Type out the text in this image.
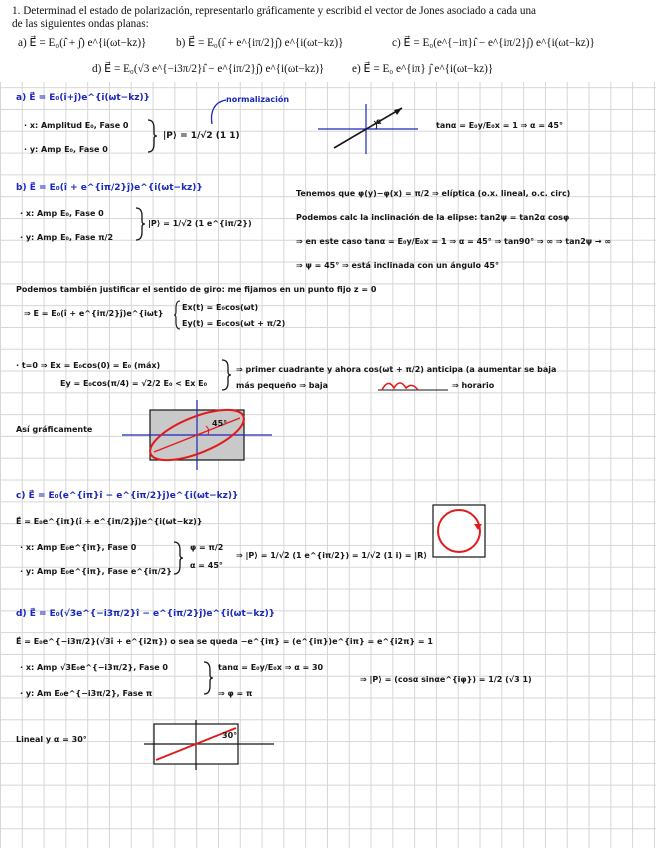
1. Determinad el estado de polarización, representarlo gráficamente y escribid el vector de Jones asociado a cada una
de las siguientes ondas planas:
a) E⃗ = E₀(ı̂ + ȷ̂) e^{i(ωt−kz)}	b) E⃗ = E₀(ı̂ + e^{iπ/2}ȷ̂) e^{i(ωt−kz)}	c) E⃗ = E₀(e^{−iπ}ı̂ − e^{iπ/2}ȷ̂) e^{i(ωt−kz)}
d) E⃗ = E₀(√3 e^{−i3π/2}ı̂ − e^{iπ/2}ȷ̂) e^{i(ωt−kz)} e) E⃗ = E₀ e^{iπ} ȷ̂ e^{i(ωt−kz)}
a) E⃗ = E₀(ı̂+ȷ̂)e^{i(ωt−kz)}	normalización
· x: Amplitud E₀, Fase 0
· y: Amp E₀, Fase 0
|P⟩ = 1/√2 (1 1)
α	tanα = E₀y/E₀x = 1 ⇒ α = 45°
b) E⃗ = E₀(ı̂ + e^{iπ/2}ȷ̂)e^{i(ωt−kz)}
· x: Amp E₀, Fase 0
· y: Amp E₀, Fase π/2
|P⟩ = 1/√2 (1 e^{iπ/2})
Tenemos que φ(y)−φ(x) = π/2 ⇒ elíptica (o.x. lineal, o.c. circ)
Podemos calc la inclinación de la elipse: tan2ψ = tan2α cosφ
⇒ en este caso tanα = E₀y/E₀x = 1 ⇒ α = 45° ⇒ tan90° ⇒ ∞ ⇒ tan2ψ → ∞
⇒ ψ = 45° ⇒ está inclinada con un ángulo 45°
Podemos también justificar el sentido de giro: me fijamos en un punto fijo z = 0
⇒ E = E₀(ı̂ + e^{iπ/2}ȷ̂)e^{iωt}
Ex(t) = E₀cos(ωt)
Ey(t) = E₀cos(ωt + π/2)
· t=0 ⇒ Ex = E₀cos(0) = E₀ (máx)
Ey = E₀cos(π/4) = √2/2 E₀ < Ex E₀
⇒ primer cuadrante y ahora cos(ωt + π/2) anticipa (a aumentar se baja
más pequeño ⇒ baja	⇒ horario
Así gráficamente
45°
c) E⃗ = E₀(e^{iπ}ı̂ − e^{iπ/2}ȷ̂)e^{i(ωt−kz)}
E⃗ = E₀e^{iπ}(ı̂ + e^{iπ/2}ȷ̂)e^{i(ωt−kz)}
· x: Amp E₀e^{iπ}, Fase 0
· y: Amp E₀e^{iπ}, Fase e^{iπ/2}
φ = π/2
α = 45°
⇒ |P⟩ = 1/√2 (1 e^{iπ/2}) = 1/√2 (1 i) = |R⟩
d) E⃗ = E₀(√3e^{−i3π/2}ı̂ − e^{iπ/2}ȷ̂)e^{i(ωt−kz)}
E⃗ = E₀e^{−i3π/2}(√3ı̂ + e^{i2π}) o sea se queda −e^{iπ} = (e^{iπ})e^{iπ} = e^{i2π} = 1
· x: Amp √3E₀e^{−i3π/2}, Fase 0
· y: Am E₀e^{−i3π/2}, Fase π
tanα = E₀y/E₀x ⇒ α = 30
⇒ φ = π
⇒ |P⟩ = (cosα sinαe^{iφ}) = 1/2 (√3 1)
Lineal y α = 30°	30°
